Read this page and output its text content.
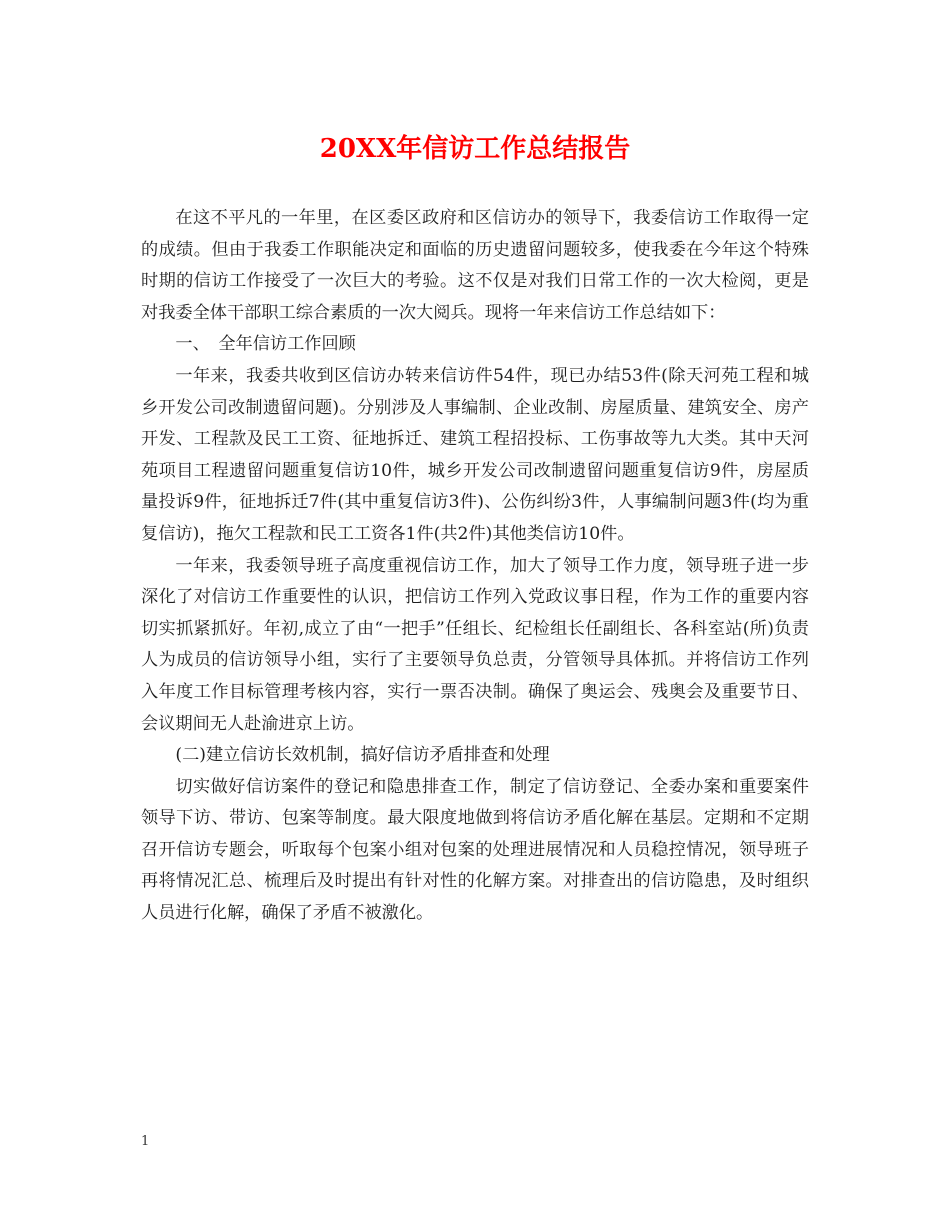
20XX年信访工作总结报告

在这不平凡的一年里，在区委区政府和区信访办的领导下，我委信访工作取得一定的成绩。但由于我委工作职能决定和面临的历史遗留问题较多，使我委在今年这个特殊时期的信访工作接受了一次巨大的考验。这不仅是对我们日常工作的一次大检阅，更是对我委全体干部职工综合素质的一次大阅兵。现将一年来信访工作总结如下：

一、　全年信访工作回顾

一年来，我委共收到区信访办转来信访件54件，现已办结53件(除天河苑工程和城乡开发公司改制遗留问题)。分别涉及人事编制、企业改制、房屋质量、建筑安全、房产开发、工程款及民工工资、征地拆迁、建筑工程招投标、工伤事故等九大类。其中天河苑项目工程遗留问题重复信访10件，城乡开发公司改制遗留问题重复信访9件，房屋质量投诉9件，征地拆迁7件(其中重复信访3件)、公伤纠纷3件，人事编制问题3件(均为重复信访)，拖欠工程款和民工工资各1件(共2件)其他类信访10件。

一年来，我委领导班子高度重视信访工作，加大了领导工作力度，领导班子进一步深化了对信访工作重要性的认识，把信访工作列入党政议事日程，作为工作的重要内容切实抓紧抓好。年初,成立了由“一把手”任组长、纪检组长任副组长、各科室站(所)负责人为成员的信访领导小组，实行了主要领导负总责，分管领导具体抓。并将信访工作列入年度工作目标管理考核内容，实行一票否决制。确保了奥运会、残奥会及重要节日、会议期间无人赴渝进京上访。

(二)建立信访长效机制，搞好信访矛盾排查和处理

切实做好信访案件的登记和隐患排查工作，制定了信访登记、全委办案和重要案件领导下访、带访、包案等制度。最大限度地做到将信访矛盾化解在基层。定期和不定期召开信访专题会，听取每个包案小组对包案的处理进展情况和人员稳控情况，领导班子再将情况汇总、梳理后及时提出有针对性的化解方案。对排查出的信访隐患，及时组织人员进行化解，确保了矛盾不被激化。

1
